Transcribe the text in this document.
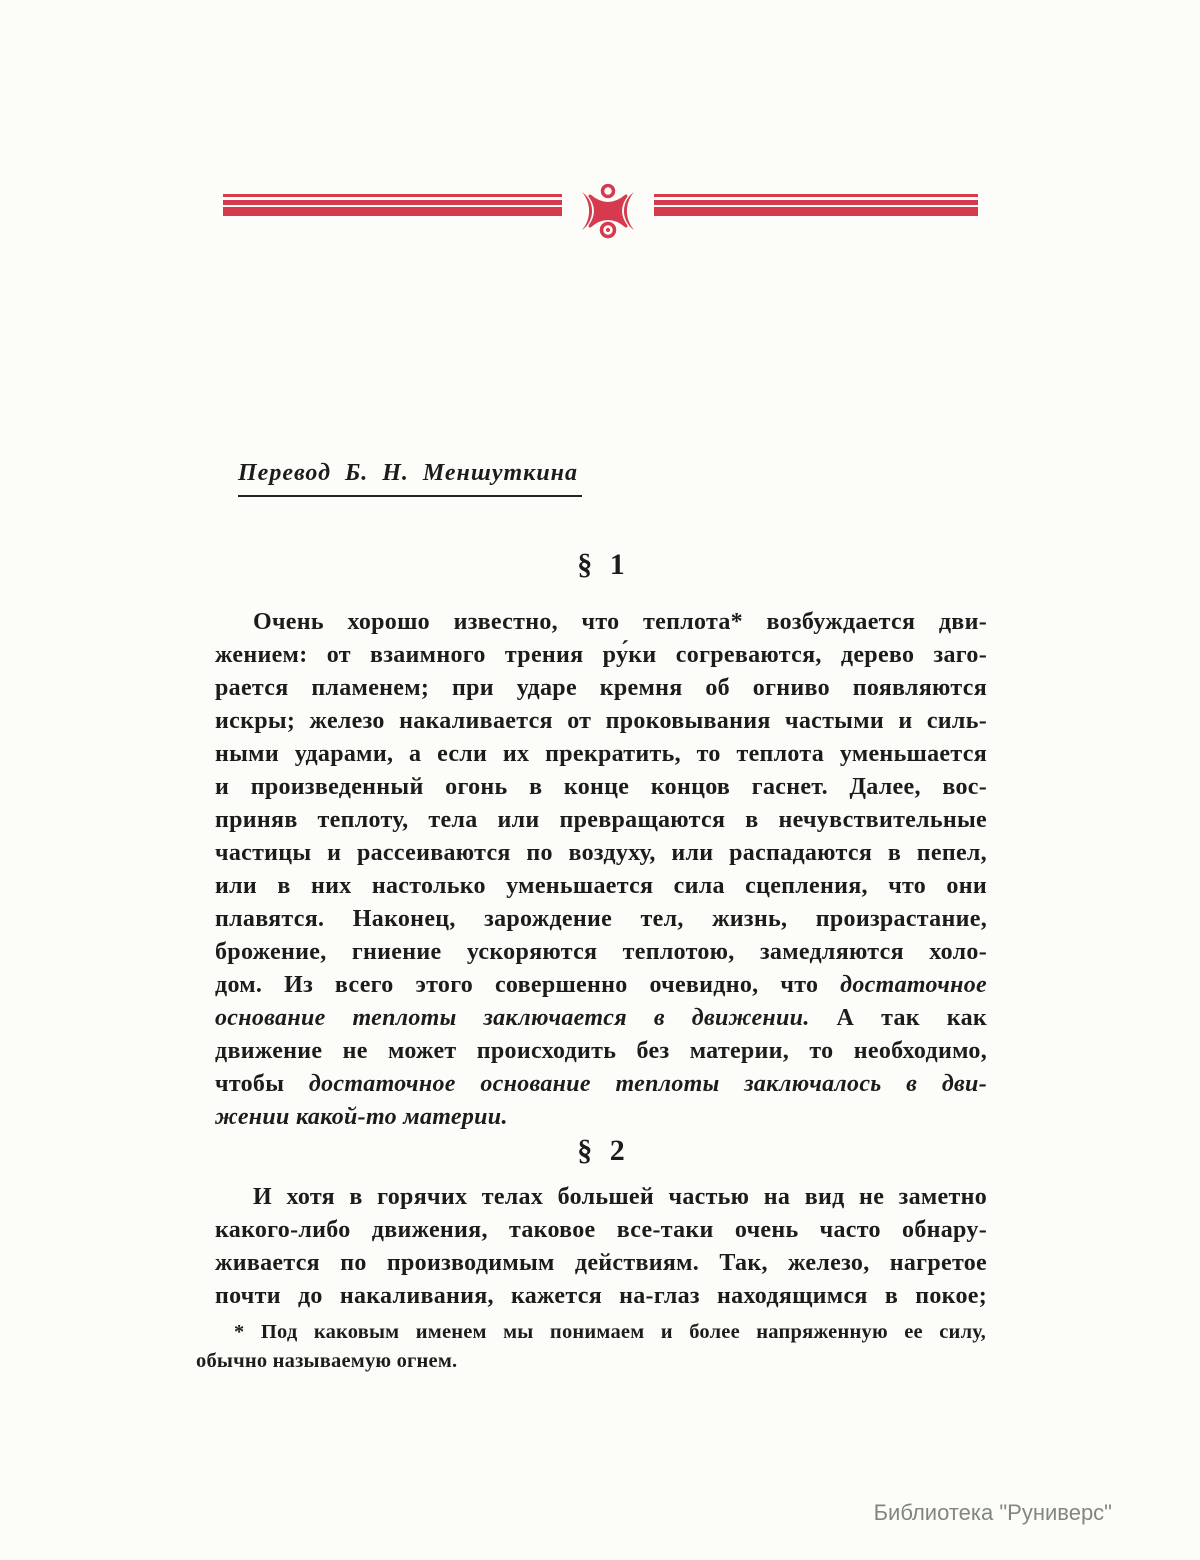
Перевод Б. Н. Меншуткина
§ 1
Очень хорошо известно, что теплота* возбуждается дви-
жением: от взаимного трения ру́ки согреваются, дерево заго-
рается пламенем; при ударе кремня об огниво появляются
искры; железо накаливается от проковывания частыми и силь-
ными ударами, а если их прекратить, то теплота уменьшается
и произведенный огонь в конце концов гаснет. Далее, вос-
приняв теплоту, тела или превращаются в нечувствительные
частицы и рассеиваются по воздуху, или распадаются в пепел,
или в них настолько уменьшается сила сцепления, что они
плавятся. Наконец, зарождение тел, жизнь, произрастание,
брожение, гниение ускоряются теплотою, замедляются холо-
дом. Из всего этого совершенно очевидно, что достаточное
основание теплоты заключается в движении. А так как
движение не может происходить без материи, то необходимо,
чтобы достаточное основание теплоты заключалось в дви-
жении какой-то материи.
§ 2
И хотя в горячих телах большей частью на вид не заметно
какого-либо движения, таковое все-таки очень часто обнару-
живается по производимым действиям. Так, железо, нагретое
почти до накаливания, кажется на-глаз находящимся в покое;
* Под каковым именем мы понимаем и более напряженную ее силу,
обычно называемую огнем.
Библиотека "Руниверс"
